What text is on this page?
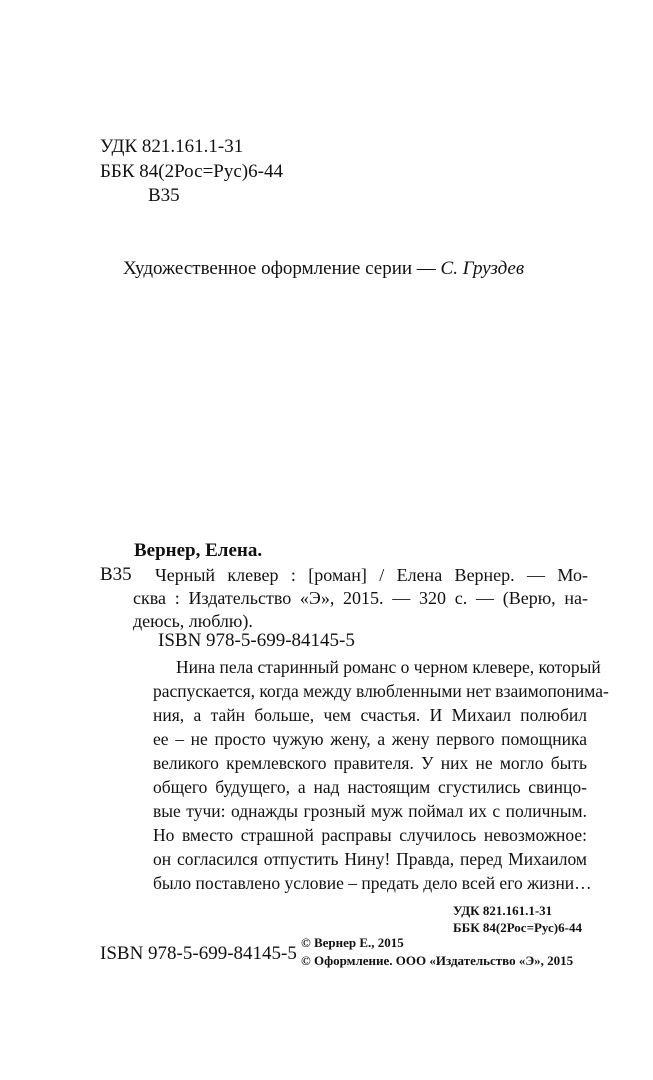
УДК 821.161.1-31
ББК 84(2Рос=Рус)6-44
В35
Художественное оформление серии — С. Груздев
Вернер, Елена.
В35 Черный клевер : [роман] / Елена Вернер. — Мо-
сква : Издательство «Э», 2015. — 320 с. — (Верю, на-
деюсь, люблю).
ISBN 978-5-699-84145-5
Нина пела старинный романс о черном клевере, который
распускается, когда между влюбленными нет взаимопонима-
ния, а тайн больше, чем счастья. И Михаил полюбил
ее – не просто чужую жену, а жену первого помощника
великого кремлевского правителя. У них не могло быть
общего будущего, а над настоящим сгустились свинцо-
вые тучи: однажды грозный муж поймал их с поличным.
Но вместо страшной расправы случилось невозможное:
он согласился отпустить Нину! Правда, перед Михаилом
было поставлено условие – предать дело всей его жизни…
УДК 821.161.1-31
ББК 84(2Рос=Рус)6-44
ISBN 978-5-699-84145-5
© Вернер Е., 2015
© Оформление. ООО «Издательство «Э», 2015
